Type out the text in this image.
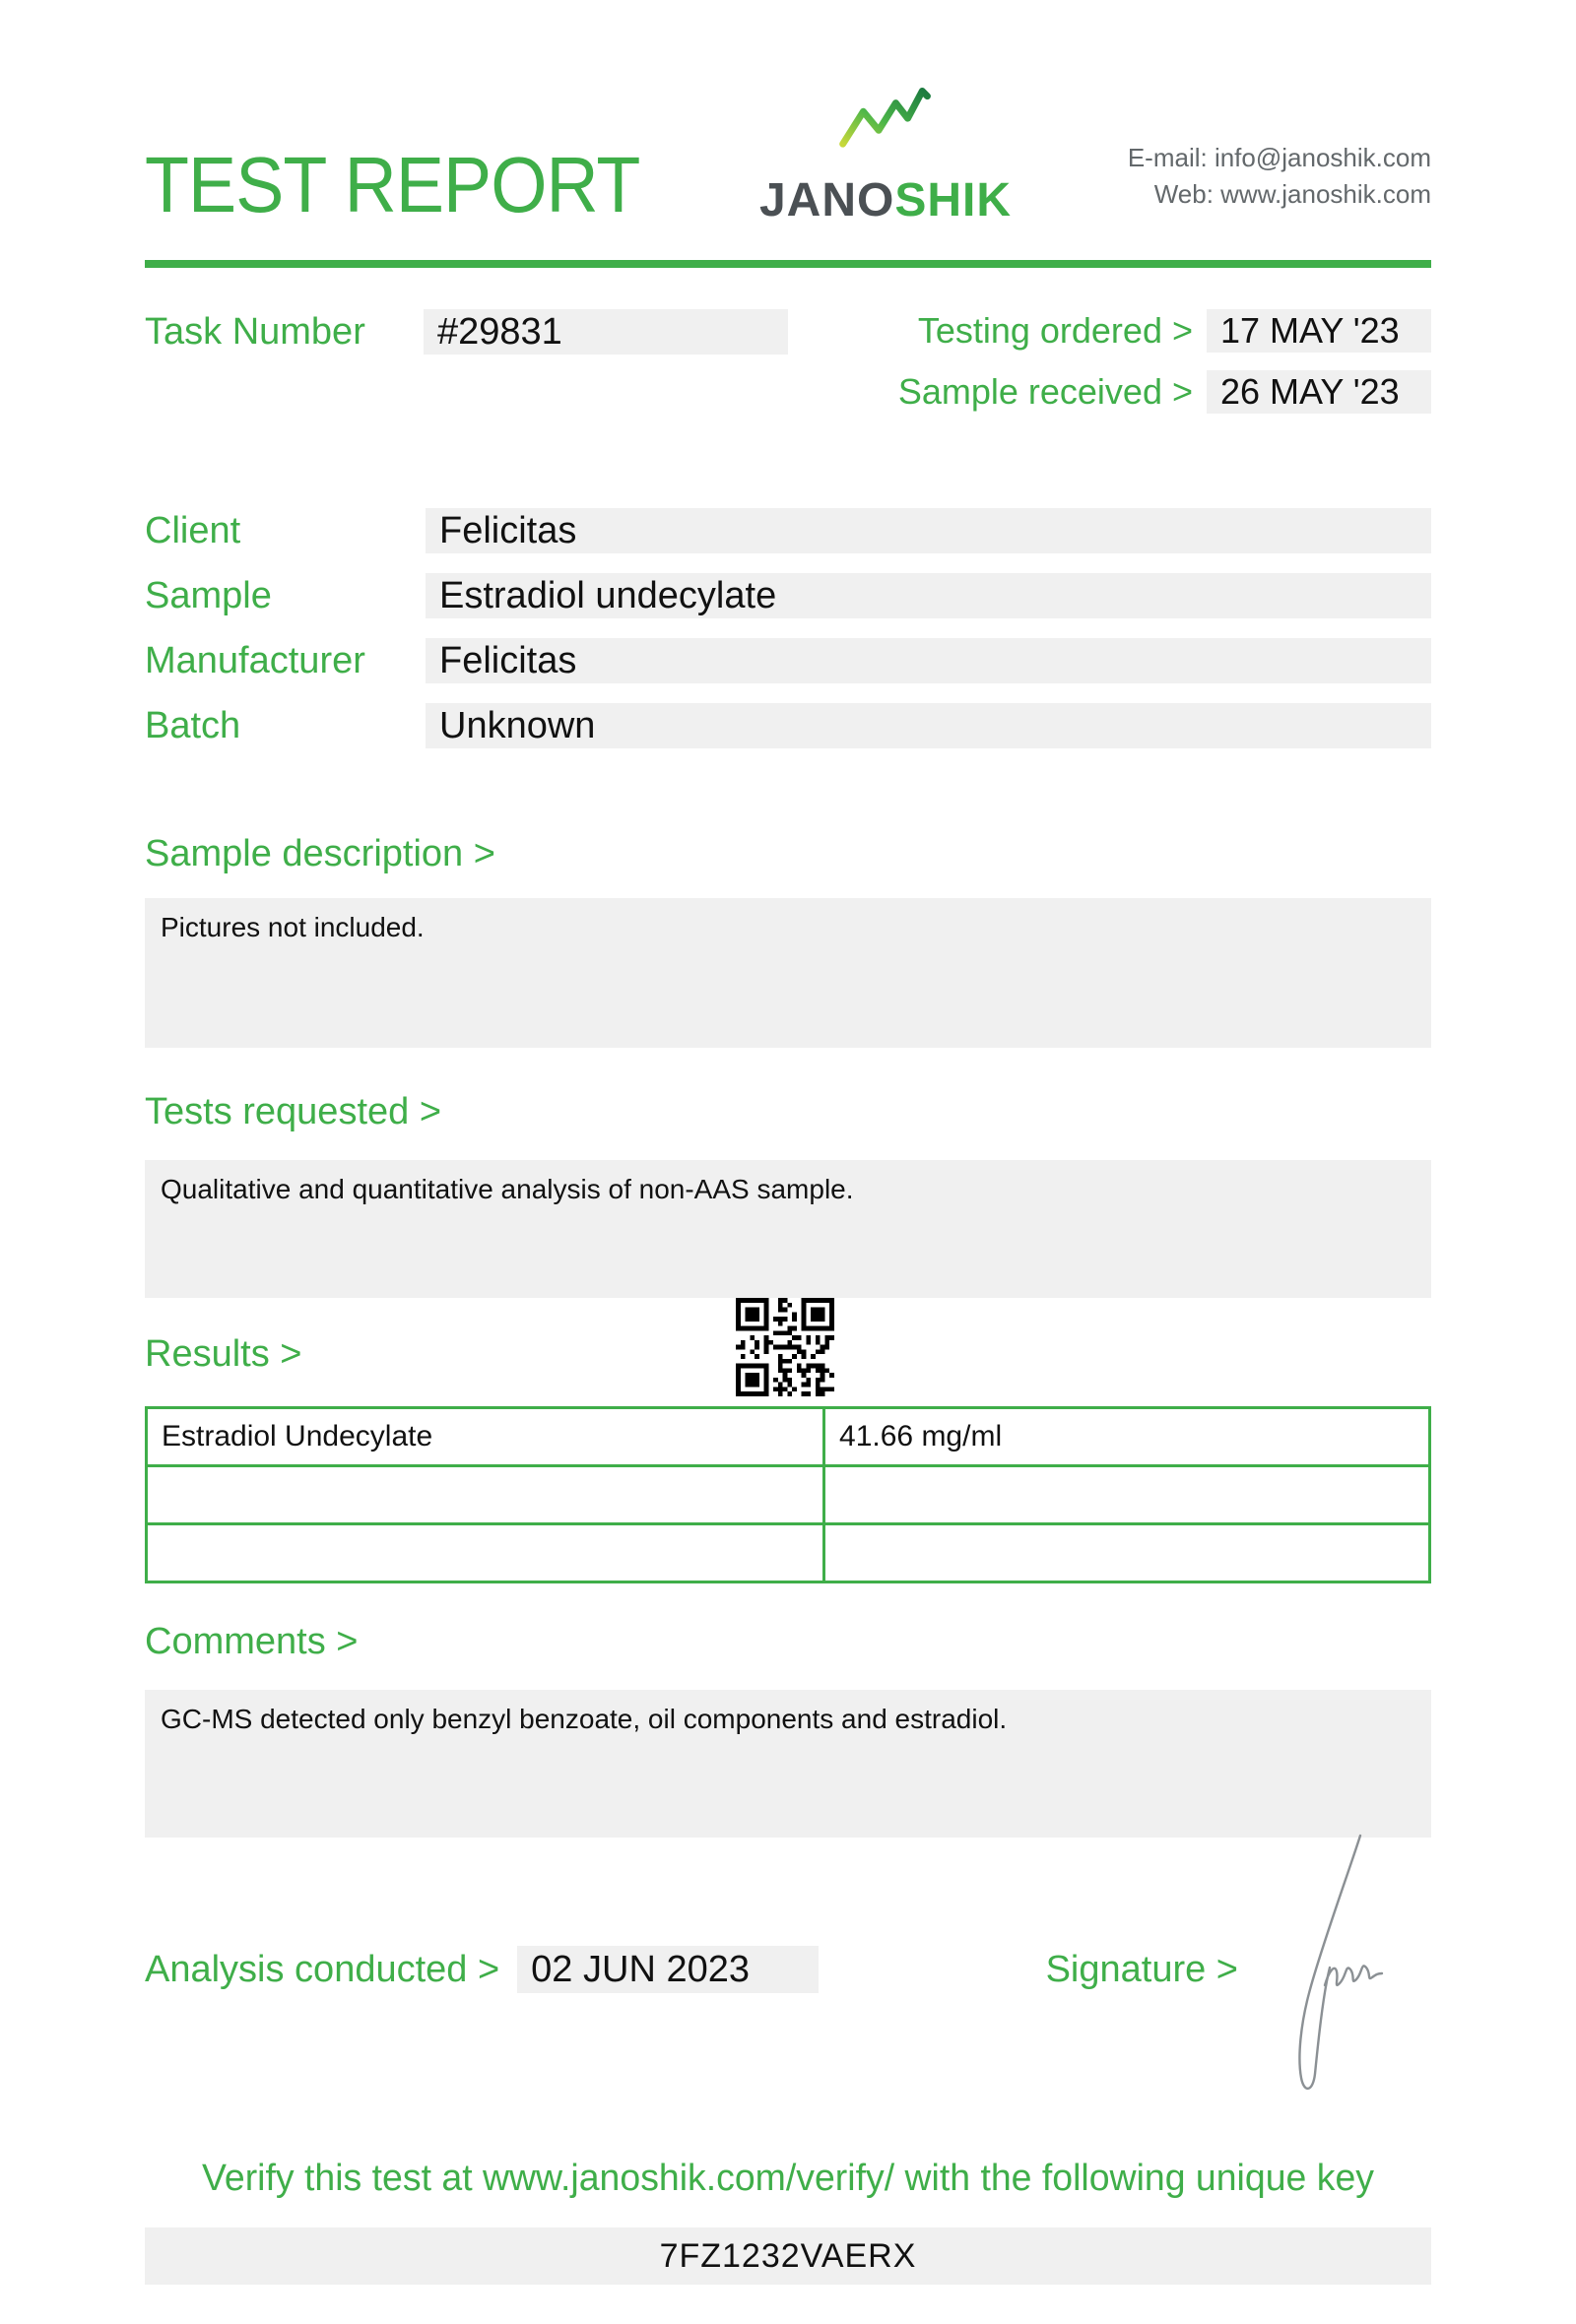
TEST REPORT	JANOSHIK
E-mail: info@janoshik.com
Web: www.janoshik.com
Task Number	#29831	Testing ordered > 17 MAY '23
Sample received > 26 MAY '23
Client	Felicitas
Sample	Estradiol undecylate
Manufacturer	Felicitas
Batch	Unknown
Sample description >
Pictures not included.
Tests requested >
Qualitative and quantitative analysis of non-AAS sample.
Results >
Estradiol Undecylate	41.66 mg/ml

Comments >
GC-MS detected only benzyl benzoate, oil components and estradiol.
Analysis conducted > 02 JUN 2023	Signature >
Verify this test at www.janoshik.com/verify/ with the following unique key
7FZ1232VAERX
